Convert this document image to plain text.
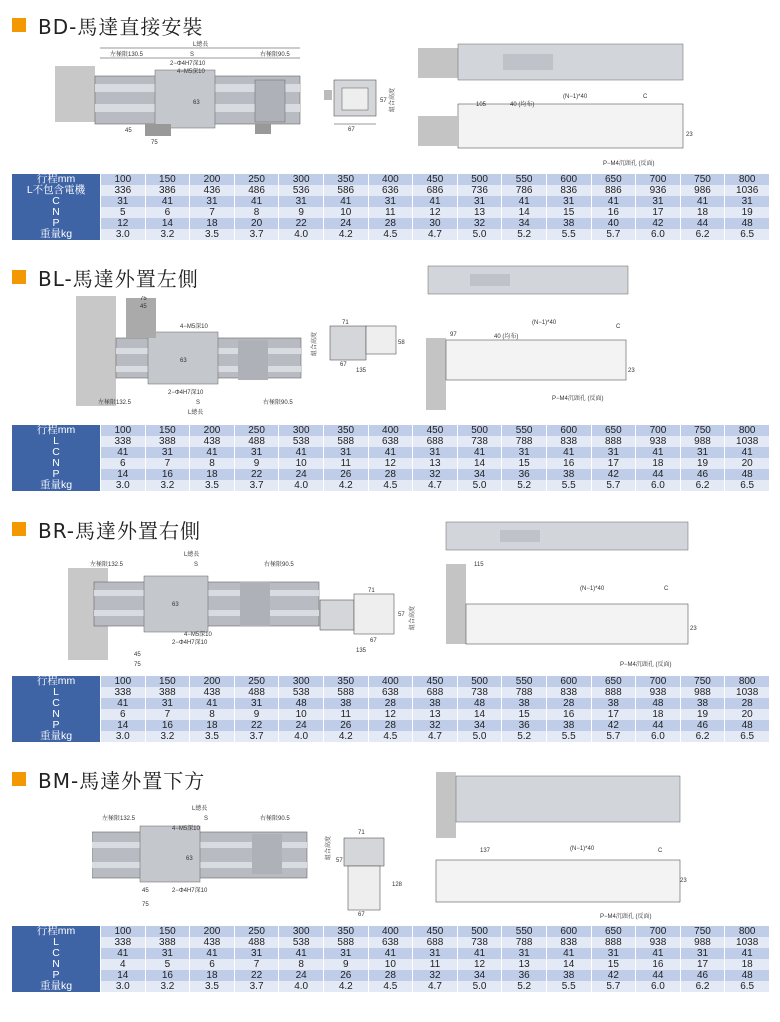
BD-馬達直接安裝
L總長
左極限130.5	S	右極限90.5
2−Φ4H7深10
4−M5深10
63
45
75
67
57 組合高度	(N−1)*40	C
105	40 (均布)
23
P−M4沉頭孔 (反面)
行程mm	100	150	200	250	300	350	400	450	500	550	600	650	700	750	800
L不包含電機	336	386	436	486	536	586	636	686	736	786	836	886	936	986	1036
C	31	41	31	41	31	41	31	41	31	41	31	41	31	41	31
N	5	6	7	8	9	10	11	12	13	14	15	16	17	18	19
P	12	14	18	20	22	24	28	30	32	34	38	40	42	44	48
重量kg	3.0	3.2	3.5	3.7	4.0	4.2	4.5	4.7	5.0	5.2	5.5	5.7	6.0	6.2	6.5
BL-馬達外置左側
75
45
4−M5深10
63
2−Φ4H7深10
左極限132.5	S	右極限90.5
L總長
71
58
組合高度
67
135
(N−1)*40
C
97	40 (均布)
23
P−M4沉頭孔 (反面)
行程mm	100	150	200	250	300	350	400	450	500	550	600	650	700	750	800
L	338	388	438	488	538	588	638	688	738	788	838	888	938	988	1038
C	41	31	41	31	41	31	41	31	41	31	41	31	41	31	41
N	6	7	8	9	10	11	12	13	14	15	16	17	18	19	20
P	14	16	18	22	24	26	28	32	34	36	38	42	44	46	48
重量kg	3.0	3.2	3.5	3.7	4.0	4.2	4.5	4.7	5.0	5.2	5.5	5.7	6.0	6.2	6.5
BR-馬達外置右側
L總長
左極限132.5	S	右極限90.5
63
4−M5深10
2−Φ4H7深10
45
75
71
57 組合高度
67
135
115
(N−1)*40	C
23
P−M4沉頭孔 (反面)
行程mm	100	150	200	250	300	350	400	450	500	550	600	650	700	750	800
L	338	388	438	488	538	588	638	688	738	788	838	888	938	988	1038
C	41	31	41	31	48	38	28	38	48	38	28	38	48	38	28
N	6	7	8	9	10	11	12	13	14	15	16	17	18	19	20
P	14	16	18	22	24	26	28	32	34	36	38	42	44	46	48
重量kg	3.0	3.2	3.5	3.7	4.0	4.2	4.5	4.7	5.0	5.2	5.5	5.7	6.0	6.2	6.5
BM-馬達外置下方
L總長
左極限132.5	S	右極限90.5
4−M5深10
63
45	2−Φ4H7深10
75
71
組合高度
57
128
67
137	(N−1)*40	C
23
P−M4沉頭孔 (反面)
行程mm	100	150	200	250	300	350	400	450	500	550	600	650	700	750	800
L	338	388	438	488	538	588	638	688	738	788	838	888	938	988	1038
C	41	31	41	31	41	31	41	31	41	31	41	31	41	31	41
N	4	5	6	7	8	9	10	11	12	13	14	15	16	17	18
P	14	16	18	22	24	26	28	32	34	36	38	42	44	46	48
重量kg	3.0	3.2	3.5	3.7	4.0	4.2	4.5	4.7	5.0	5.2	5.5	5.7	6.0	6.2	6.5
